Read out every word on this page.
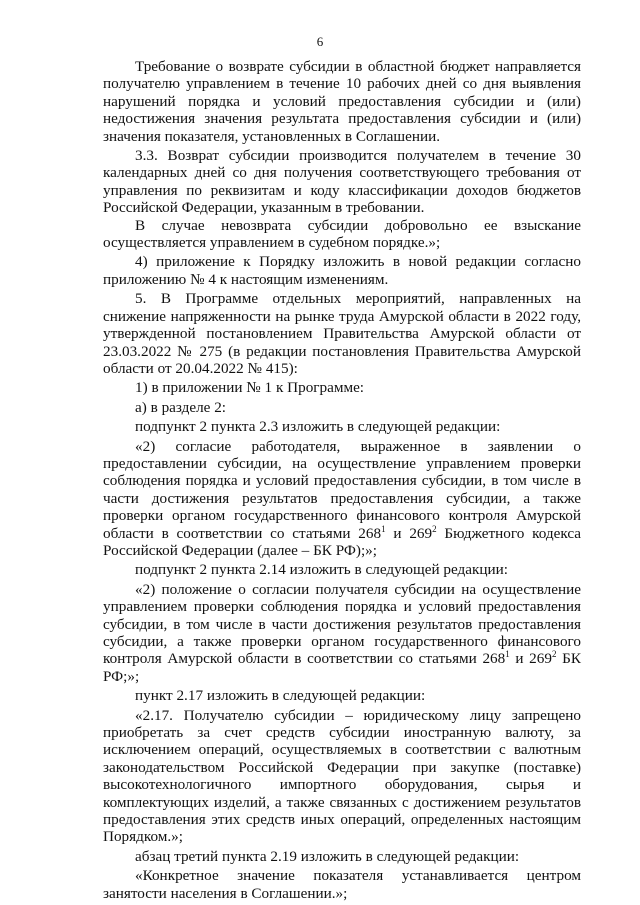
6

Требование о возврате субсидии в областной бюджет направляется получателю управлением в течение 10 рабочих дней со дня выявления нарушений порядка и условий предоставления субсидии и (или) недостижения значения результата предоставления субсидии и (или) значения показателя, установленных в Соглашении.

3.3. Возврат субсидии производится получателем в течение 30 календарных дней со дня получения соответствующего требования от управления по реквизитам и коду классификации доходов бюджетов Российской Федерации, указанным в требовании.

В случае невозврата субсидии добровольно ее взыскание осуществляется управлением в судебном порядке.»;

4) приложение к Порядку изложить в новой редакции согласно приложению № 4 к настоящим изменениям.

5. В Программе отдельных мероприятий, направленных на снижение напряженности на рынке труда Амурской области в 2022 году, утвержденной постановлением Правительства Амурской области от 23.03.2022 № 275 (в редакции постановления Правительства Амурской области от 20.04.2022 № 415):

1) в приложении № 1 к Программе:

а) в разделе 2:

подпункт 2 пункта 2.3 изложить в следующей редакции:

«2) согласие работодателя, выраженное в заявлении о предоставлении субсидии, на осуществление управлением проверки соблюдения порядка и условий предоставления субсидии, в том числе в части достижения результатов предоставления субсидии, а также проверки органом государственного финансового контроля Амурской области в соответствии со статьями $268^1$ и $269^2$ Бюджетного кодекса Российской Федерации (далее – БК РФ);»;

подпункт 2 пункта 2.14 изложить в следующей редакции:

«2) положение о согласии получателя субсидии на осуществление управлением проверки соблюдения порядка и условий предоставления субсидии, в том числе в части достижения результатов предоставления субсидии, а также проверки органом государственного финансового контроля Амурской области в соответствии со статьями $268^1$ и $269^2$ БК РФ;»;

пункт 2.17 изложить в следующей редакции:

«2.17. Получателю субсидии – юридическому лицу запрещено приобретать за счет средств субсидии иностранную валюту, за исключением операций, осуществляемых в соответствии с валютным законодательством Российской Федерации при закупке (поставке) высокотехнологичного импортного оборудования, сырья и комплектующих изделий, а также связанных с достижением результатов предоставления этих средств иных операций, определенных настоящим Порядком.»;

абзац третий пункта 2.19 изложить в следующей редакции:

«Конкретное значение показателя устанавливается центром занятости населения в Соглашении.»;
